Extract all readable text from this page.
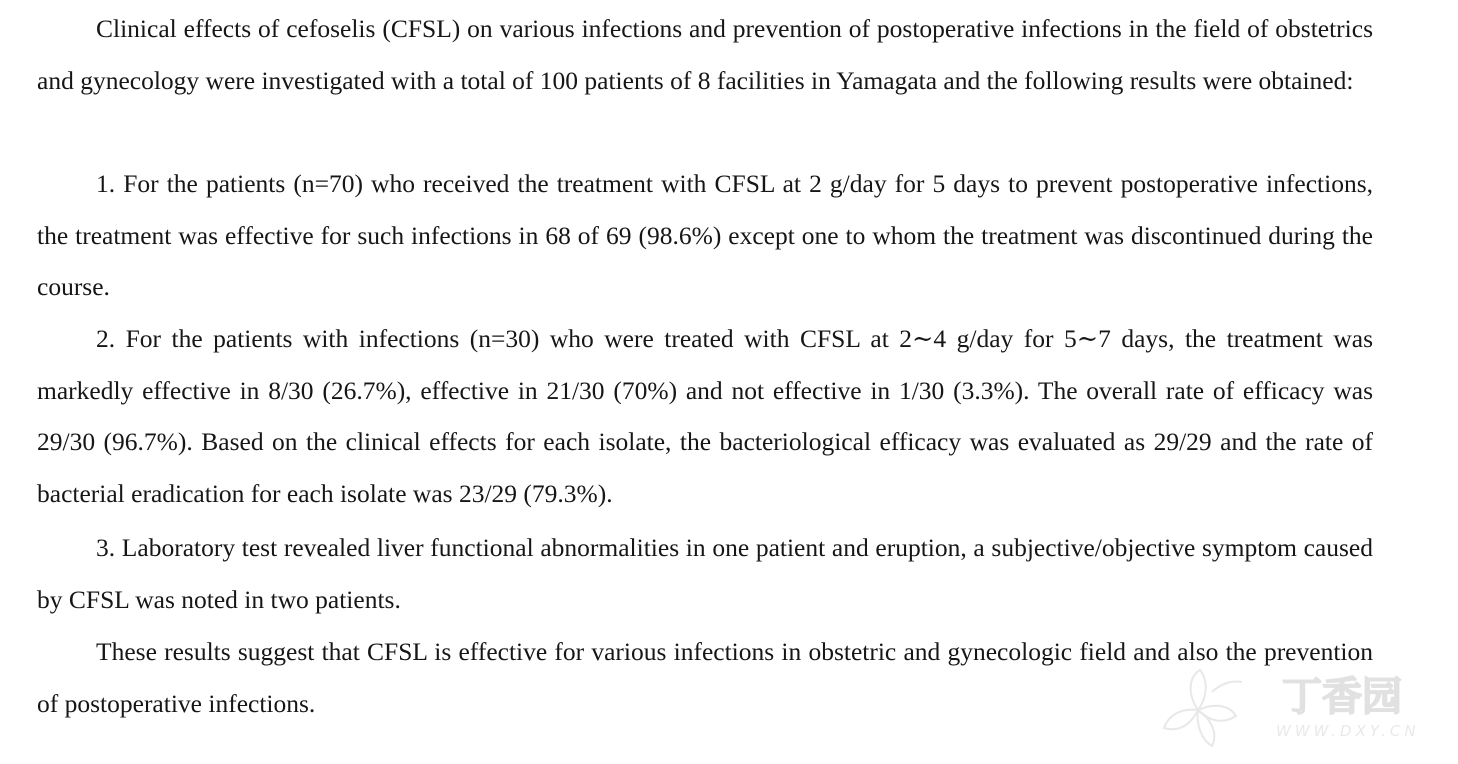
Clinical effects of cefoselis (CFSL) on various infections and prevention of postoperative infections in the field of obstetrics and gynecology were investigated with a total of 100 patients of 8 facilities in Yamagata and the following results were obtained:

1. For the patients (n=70) who received the treatment with CFSL at 2 g/day for 5 days to prevent postoperative infections, the treatment was effective for such infections in 68 of 69 (98.6%) except one to whom the treatment was discontinued during the course.

2. For the patients with infections (n=30) who were treated with CFSL at 2∼4 g/day for 5∼7 days, the treatment was markedly effective in 8/30 (26.7%), effective in 21/30 (70%) and not effective in 1/30 (3.3%). The overall rate of efficacy was 29/30 (96.7%). Based on the clinical effects for each isolate, the bacteriological efficacy was evaluated as 29/29 and the rate of bacterial eradication for each isolate was 23/29 (79.3%).

3. Laboratory test revealed liver functional abnormalities in one patient and eruption, a subjective/objective symptom caused by CFSL was noted in two patients.

These results suggest that CFSL is effective for various infections in obstetric and gynecologic field and also the prevention of postoperative infections.	丁香园
WWW.DXY.CN
